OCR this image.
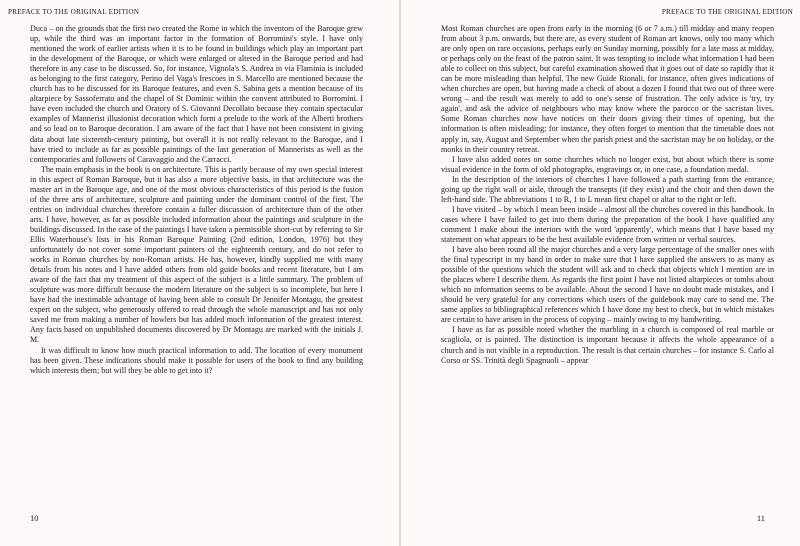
PREFACE TO THE ORIGINAL EDITION

Duca – on the grounds that the first two created the Rome in which the inventors of the Baroque grew up, while the third was an important factor in the formation of Borromini's style. I have only mentioned the work of earlier artists when it is to be found in buildings which play an important part in the development of the Baroque, or which were enlarged or altered in the Baroque period and had therefore in any case to be discussed. So, for instance, Vignola's S. Andrea in via Flaminia is included as belonging to the first category, Perino del Vaga's frescoes in S. Marcello are mentioned because the church has to be discussed for its Baroque features, and even S. Sabina gets a mention because of its altarpiece by Sassoferrato and the chapel of St Dominic within the convent attributed to Borromini. I have even included the church and Oratory of S. Giovanni Decollato because they contain spectacular examples of Mannerist illusionist decoration which form a prelude to the work of the Alberti brothers and so lead on to Baroque decoration. I am aware of the fact that I have not been consistent in giving data about late sixteenth-century painting, but overall it is not really relevant to the Baroque, and I have tried to include as far as possible paintings of the last generation of Mannerists as well as the contemporaries and followers of Caravaggio and the Carracci.

The main emphasis in the book is on architecture. This is partly because of my own special interest in this aspect of Roman Baroque, but it has also a more objective basis, in that architecture was the master art in the Baroque age, and one of the most obvious characteristics of this period is the fusion of the three arts of architecture, sculpture and painting under the dominant control of the first. The entries on individual churches therefore contain a fuller discussion of architecture than of the other arts. I have, however, as far as possible included information about the paintings and sculpture in the buildings discussed. In the case of the paintings I have taken a permissible short-cut by referring to Sir Ellis Waterhouse's lists in his Roman Baroque Painting (2nd edition, London, 1976) but they unfortunately do not cover some important painters of the eighteenth century, and do not refer to works in Roman churches by non-Roman artists. He has, however, kindly supplied me with many details from his notes and I have added others from old guide books and recent literature, but I am aware of the fact that my treatment of this aspect of the subject is a little summary. The problem of sculpture was more difficult because the modern literature on the subject is so incomplete, but here I have had the inestimable advantage of having been able to consult Dr Jennifer Montagu, the greatest expert on the subject, who generously offered to read through the whole manuscript and has not only saved me from making a number of howlers but has added much information of the greatest interest. Any facts based on unpublished documents discovered by Dr Montagu are marked with the initials J. M.

It was difficult to know how much practical information to add. The location of every monument has been given. These indications should make it possible for users of the book to find any building which interests them; but will they be able to get into it?

10
PREFACE TO THE ORIGINAL EDITION

Most Roman churches are open from early in the morning (6 or 7 a.m.) till midday and many reopen from about 3 p.m. onwards, but there are, as every student of Roman art knows, only too many which are only open on rare occasions, perhaps early on Sunday morning, possibly for a late mass at midday, or perhaps only on the feast of the patron saint. It was tempting to include what information I had been able to collect on this subject, but careful examination showed that it goes out of date so rapidly that it can be more misleading than helpful. The new Guide Rionali, for instance, often gives indications of when churches are open, but having made a check of about a dozen I found that two out of three were wrong – and the result was merely to add to one's sense of frustration. The only advice is 'try, try again', and ask the advice of neighbours who may know where the parocco or the sacristan lives. Some Roman churches now have notices on their doors giving their times of opening, but the information is often misleading; for instance, they often forget to mention that the timetable does not apply in, say, August and September when the parish priest and the sacristan may be on holiday, or the monks in their country retreat.

I have also added notes on some churches which no longer exist, but about which there is some visual evidence in the form of old photographs, engravings or, in one case, a foundation medal.

In the description of the interiors of churches I have followed a path starting from the entrance, going up the right wall or aisle, through the transepts (if they exist) and the choir and then down the left-hand side. The abbreviations 1 to R, 1 to L mean first chapel or altar to the right or left.

I have visited – by which I mean been inside – almost all the churches covered in this handbook. In cases where I have failed to get into them during the preparation of the book I have qualified any comment I make about the interiors with the word 'apparently', which means that I have based my statement on what appears to be the best available evidence from written or verbal sources.

I have also been round all the major churches and a very large percentage of the smaller ones with the final typescript in my hand in order to make sure that I have supplied the answers to as many as possible of the questions which the student will ask and to check that objects which I mention are in the places where I describe them. As regards the first point I have not listed altarpieces or tombs about which no information seems to be available. About the second I have no doubt made mistakes, and I should be very grateful for any corrections which users of the guidebook may care to send me. The same applies to bibliographical references which I have done my best to check, but in which mistakes are certain to have arisen in the process of copying – mainly owing to my handwriting.

I have as far as possible noted whether the marbling in a church is composed of real marble or scagliola, or is painted. The distinction is important because it affects the whole appearance of a church and is not visible in a reproduction. The result is that certain churches – for instance S. Carlo al Corso or SS. Trinità degli Spagnuoli – appear

11
